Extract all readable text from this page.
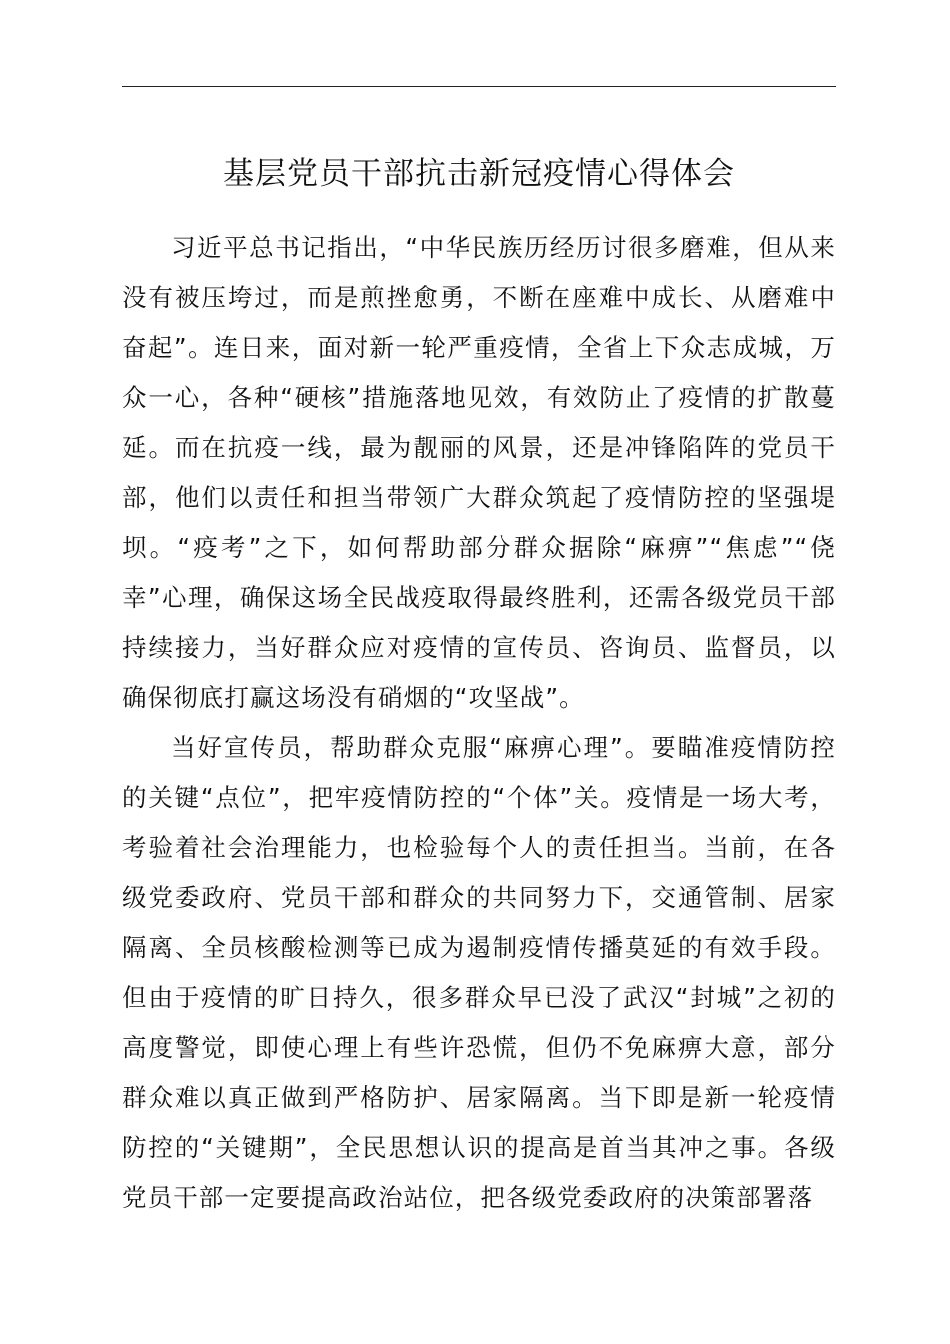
基层党员干部抗击新冠疫情心得体会

习近平总书记指出，“中华民族历经历讨很多磨难，但从来没有被压垮过，而是煎挫愈勇，不断在座难中成长、从磨难中奋起”。连日来，面对新一轮严重疫情，全省上下众志成城，万众一心，各种“硬核”措施落地见效，有效防止了疫情的扩散蔓延。而在抗疫一线，最为靓丽的风景，还是冲锋陷阵的党员干部，他们以责任和担当带领广大群众筑起了疫情防控的坚强堤坝。“疫考”之下，如何帮助部分群众据除“麻痹”“焦虑”“侥幸”心理，确保这场全民战疫取得最终胜利，还需各级党员干部持续接力，当好群众应对疫情的宣传员、咨询员、监督员，以确保彻底打赢这场没有硝烟的“攻坚战”。

当好宣传员，帮助群众克服“麻痹心理”。要瞄准疫情防控的关键“点位”，把牢疫情防控的“个体”关。疫情是一场大考，考验着社会治理能力，也检验每个人的责任担当。当前，在各级党委政府、党员干部和群众的共同努力下，交通管制、居家隔离、全员核酸检测等已成为遏制疫情传播莫延的有效手段。但由于疫情的旷日持久，很多群众早已没了武汉“封城”之初的高度警觉，即使心理上有些许恐慌，但仍不免麻痹大意，部分群众难以真正做到严格防护、居家隔离。当下即是新一轮疫情防控的“关键期”，全民思想认识的提高是首当其冲之事。各级党员干部一定要提高政治站位，把各级党委政府的决策部署落
